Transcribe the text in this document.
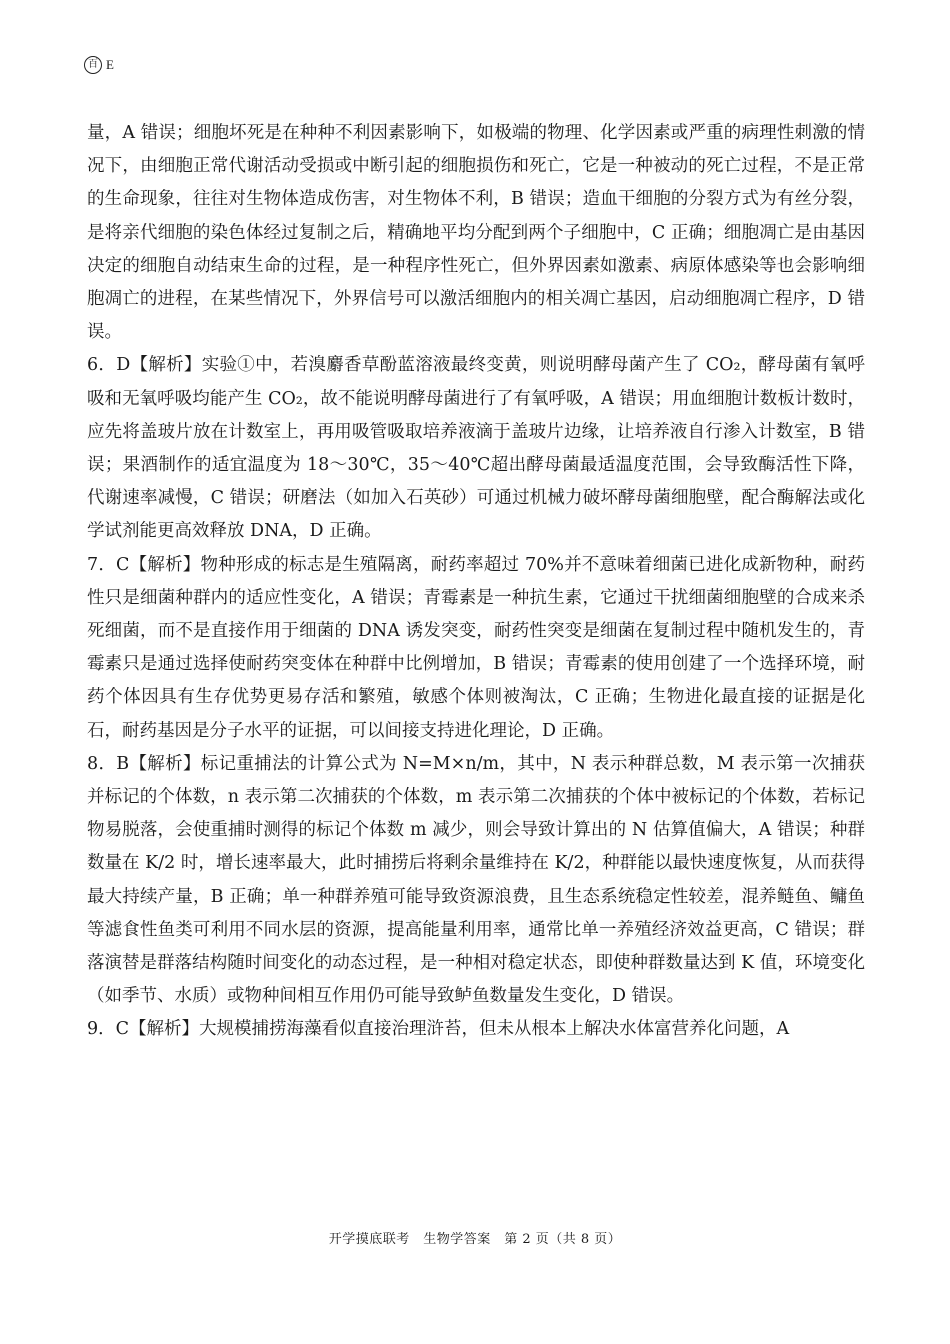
百 E

量，A 错误；细胞坏死是在种种不利因素影响下，如极端的物理、化学因素或严重的病理性刺激的情况下，由细胞正常代谢活动受损或中断引起的细胞损伤和死亡，它是一种被动的死亡过程，不是正常的生命现象，往往对生物体造成伤害，对生物体不利，B 错误；造血干细胞的分裂方式为有丝分裂，是将亲代细胞的染色体经过复制之后，精确地平均分配到两个子细胞中，C 正确；细胞凋亡是由基因决定的细胞自动结束生命的过程，是一种程序性死亡，但外界因素如激素、病原体感染等也会影响细胞凋亡的进程，在某些情况下，外界信号可以激活细胞内的相关凋亡基因，启动细胞凋亡程序，D 错误。

6．D【解析】实验①中，若溴麝香草酚蓝溶液最终变黄，则说明酵母菌产生了 CO₂，酵母菌有氧呼吸和无氧呼吸均能产生 CO₂，故不能说明酵母菌进行了有氧呼吸，A 错误；用血细胞计数板计数时，应先将盖玻片放在计数室上，再用吸管吸取培养液滴于盖玻片边缘，让培养液自行渗入计数室，B 错误；果酒制作的适宜温度为 18～30℃，35～40℃超出酵母菌最适温度范围，会导致酶活性下降，代谢速率减慢，C 错误；研磨法（如加入石英砂）可通过机械力破坏酵母菌细胞壁，配合酶解法或化学试剂能更高效释放 DNA，D 正确。

7．C【解析】物种形成的标志是生殖隔离，耐药率超过 70%并不意味着细菌已进化成新物种，耐药性只是细菌种群内的适应性变化，A 错误；青霉素是一种抗生素，它通过干扰细菌细胞壁的合成来杀死细菌，而不是直接作用于细菌的 DNA 诱发突变，耐药性突变是细菌在复制过程中随机发生的，青霉素只是通过选择使耐药突变体在种群中比例增加，B 错误；青霉素的使用创建了一个选择环境，耐药个体因具有生存优势更易存活和繁殖，敏感个体则被淘汰，C 正确；生物进化最直接的证据是化石，耐药基因是分子水平的证据，可以间接支持进化理论，D 正确。

8．B【解析】标记重捕法的计算公式为 N=M×n/m，其中，N 表示种群总数，M 表示第一次捕获并标记的个体数，n 表示第二次捕获的个体数，m 表示第二次捕获的个体中被标记的个体数，若标记物易脱落，会使重捕时测得的标记个体数 m 减少，则会导致计算出的 N 估算值偏大，A 错误；种群数量在 K/2 时，增长速率最大，此时捕捞后将剩余量维持在 K/2，种群能以最快速度恢复，从而获得最大持续产量，B 正确；单一种群养殖可能导致资源浪费，且生态系统稳定性较差，混养鲢鱼、鳙鱼等滤食性鱼类可利用不同水层的资源，提高能量利用率，通常比单一养殖经济效益更高，C 错误；群落演替是群落结构随时间变化的动态过程，是一种相对稳定状态，即使种群数量达到 K 值，环境变化（如季节、水质）或物种间相互作用仍可能导致鲈鱼数量发生变化，D 错误。

9．C【解析】大规模捕捞海藻看似直接治理浒苔，但未从根本上解决水体富营养化问题，A

开学摸底联考　生物学答案　第 2 页（共 8 页）
